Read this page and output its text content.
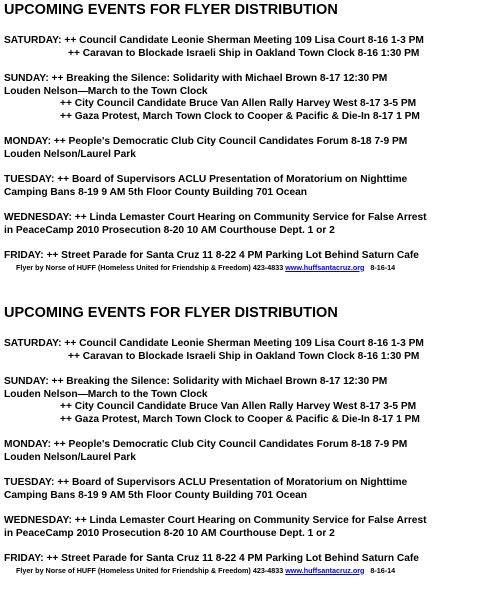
UPCOMING EVENTS FOR FLYER DISTRIBUTION
SATURDAY: ++ Council Candidate Leonie Sherman Meeting 109 Lisa Court 8-16 1-3 PM
++ Caravan to Blockade Israeli Ship in Oakland Town Clock 8-16 1:30 PM
SUNDAY: ++ Breaking the Silence: Solidarity with Michael Brown 8-17 12:30 PM
Louden Nelson—March to the Town Clock
++ City Council Candidate Bruce Van Allen Rally Harvey West 8-17 3-5 PM
++ Gaza Protest, March Town Clock to Cooper & Pacific & Die-In 8-17 1 PM
MONDAY: ++ People's Democratic Club City Council Candidates Forum 8-18 7-9 PM
Louden Nelson/Laurel Park
TUESDAY: ++ Board of Supervisors ACLU Presentation of Moratorium on Nighttime
Camping Bans 8-19 9 AM 5th Floor County Building 701 Ocean
WEDNESDAY: ++ Linda Lemaster Court Hearing on Community Service for False Arrest
in PeaceCamp 2010 Prosecution 8-20 10 AM Courthouse Dept. 1 or 2
FRIDAY: ++ Street Parade for Santa Cruz 11 8-22 4 PM Parking Lot Behind Saturn Cafe
Flyer by Norse of HUFF (Homeless United for Friendship & Freedom) 423-4833 www.huffsantacruz.org 8-16-14
UPCOMING EVENTS FOR FLYER DISTRIBUTION
SATURDAY: ++ Council Candidate Leonie Sherman Meeting 109 Lisa Court 8-16 1-3 PM
++ Caravan to Blockade Israeli Ship in Oakland Town Clock 8-16 1:30 PM
SUNDAY: ++ Breaking the Silence: Solidarity with Michael Brown 8-17 12:30 PM
Louden Nelson—March to the Town Clock
++ City Council Candidate Bruce Van Allen Rally Harvey West 8-17 3-5 PM
++ Gaza Protest, March Town Clock to Cooper & Pacific & Die-In 8-17 1 PM
MONDAY: ++ People's Democratic Club City Council Candidates Forum 8-18 7-9 PM
Louden Nelson/Laurel Park
TUESDAY: ++ Board of Supervisors ACLU Presentation of Moratorium on Nighttime
Camping Bans 8-19 9 AM 5th Floor County Building 701 Ocean
WEDNESDAY: ++ Linda Lemaster Court Hearing on Community Service for False Arrest
in PeaceCamp 2010 Prosecution 8-20 10 AM Courthouse Dept. 1 or 2
FRIDAY: ++ Street Parade for Santa Cruz 11 8-22 4 PM Parking Lot Behind Saturn Cafe
Flyer by Norse of HUFF (Homeless United for Friendship & Freedom) 423-4833 www.huffsantacruz.org 8-16-14
